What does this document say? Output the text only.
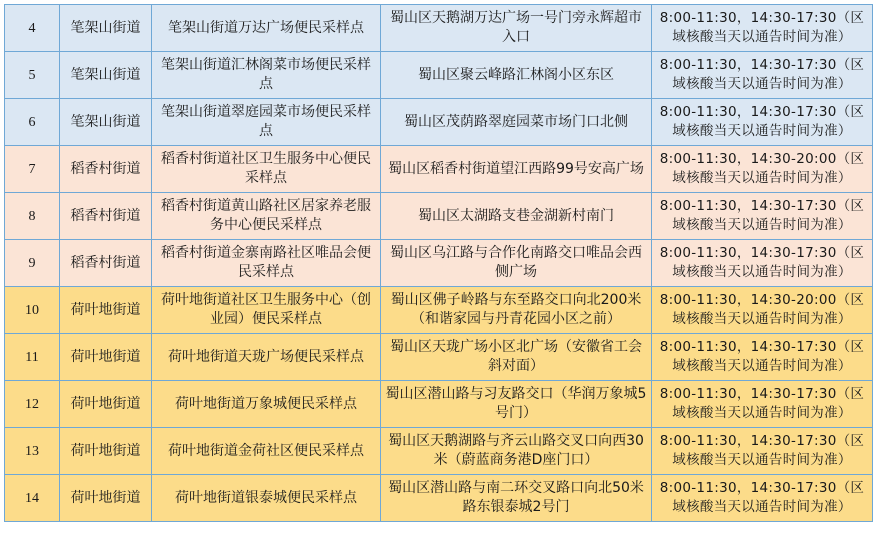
4	笔架山街道	笔架山街道万达广场便民采样点	蜀山区天鹅湖万达广场一号门旁永辉超市入口	8:00-11:30，14:30-17:30（区域核酸当天以通告时间为准）
5	笔架山街道	笔架山街道汇林阁菜市场便民采样点	蜀山区聚云峰路汇林阁小区东区	8:00-11:30，14:30-17:30（区域核酸当天以通告时间为准）
6	笔架山街道	笔架山街道翠庭园菜市场便民采样点	蜀山区茂荫路翠庭园菜市场门口北侧	8:00-11:30，14:30-17:30（区域核酸当天以通告时间为准）
7	稻香村街道	稻香村街道社区卫生服务中心便民采样点	蜀山区稻香村街道望江西路99号安高广场	8:00-11:30，14:30-20:00（区域核酸当天以通告时间为准）
8	稻香村街道	稻香村街道黄山路社区居家养老服务中心便民采样点	蜀山区太湖路支巷金湖新村南门	8:00-11:30，14:30-17:30（区域核酸当天以通告时间为准）
9	稻香村街道	稻香村街道金寨南路社区唯品会便民采样点	蜀山区乌江路与合作化南路交口唯品会西侧广场	8:00-11:30，14:30-17:30（区域核酸当天以通告时间为准）
10	荷叶地街道	荷叶地街道社区卫生服务中心（创业园）便民采样点	蜀山区佛子岭路与东至路交口向北200米（和谐家园与丹青花园小区之前）	8:00-11:30，14:30-20:00（区域核酸当天以通告时间为准）
11	荷叶地街道	荷叶地街道天珑广场便民采样点	蜀山区天珑广场小区北广场（安徽省工会斜对面）	8:00-11:30，14:30-17:30（区域核酸当天以通告时间为准）
12	荷叶地街道	荷叶地街道万象城便民采样点	蜀山区潜山路与习友路交口（华润万象城5号门）	8:00-11:30，14:30-17:30（区域核酸当天以通告时间为准）
13	荷叶地街道	荷叶地街道金荷社区便民采样点	蜀山区天鹅湖路与齐云山路交叉口向西30米（蔚蓝商务港D座门口）	8:00-11:30，14:30-17:30（区域核酸当天以通告时间为准）
14	荷叶地街道	荷叶地街道银泰城便民采样点	蜀山区潜山路与南二环交叉路口向北50米路东银泰城2号门	8:00-11:30，14:30-17:30（区域核酸当天以通告时间为准）
